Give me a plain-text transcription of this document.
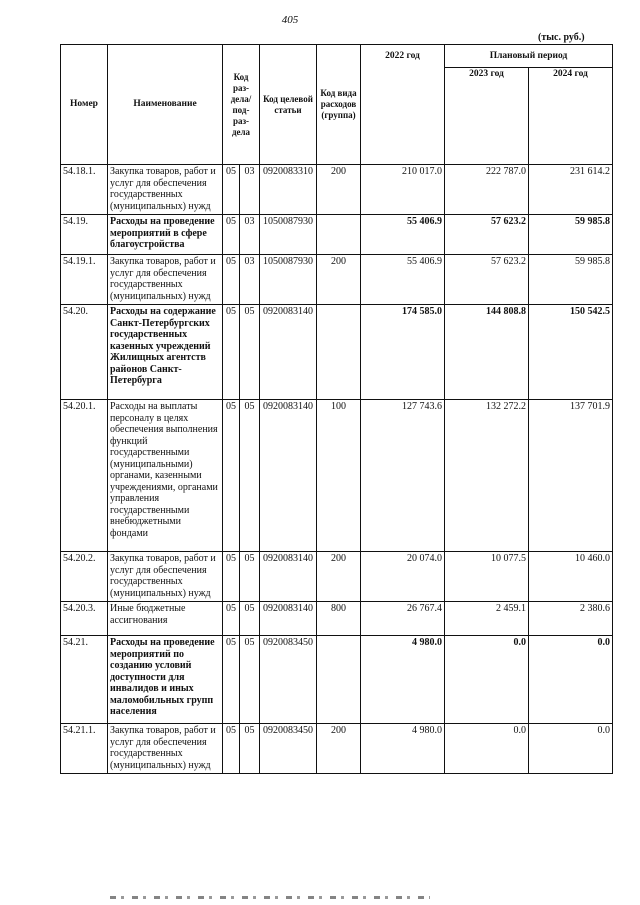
405
(тыс. руб.)
Номер	Наименование	Код раз-дела/ под-раз-дела		Код целевой статьи	Код вида расходов (группа)	2022 год	Плановый период	
							2023 год	2024 год
54.18.1.	Закупка товаров, работ и услуг для обеспечения государственных (муниципальных) нужд	05	03	0920083310	200	210 017.0	222 787.0	231 614.2
54.19.	Расходы на проведение мероприятий в сфере благоустройства	05	03	1050087930		55 406.9	57 623.2	59 985.8
54.19.1.	Закупка товаров, работ и услуг для обеспечения государственных (муниципальных) нужд	05	03	1050087930	200	55 406.9	57 623.2	59 985.8
54.20.	Расходы на содержание Санкт-Петербургских государственных казенных учреждений Жилищных агентств районов Санкт-Петербурга	05	05	0920083140		174 585.0	144 808.8	150 542.5
54.20.1.	Расходы на выплаты персоналу в целях обеспечения выполнения функций государственными (муниципальными) органами, казенными учреждениями, органами управления государственными внебюджетными фондами	05	05	0920083140	100	127 743.6	132 272.2	137 701.9
54.20.2.	Закупка товаров, работ и услуг для обеспечения государственных (муниципальных) нужд	05	05	0920083140	200	20 074.0	10 077.5	10 460.0
54.20.3.	Иные бюджетные ассигнования	05	05	0920083140	800	26 767.4	2 459.1	2 380.6
54.21.	Расходы на проведение мероприятий по созданию условий доступности для инвалидов и иных маломобильных групп населения	05	05	0920083450		4 980.0	0.0	0.0
54.21.1.	Закупка товаров, работ и услуг для обеспечения государственных (муниципальных) нужд	05	05	0920083450	200	4 980.0	0.0	0.0
